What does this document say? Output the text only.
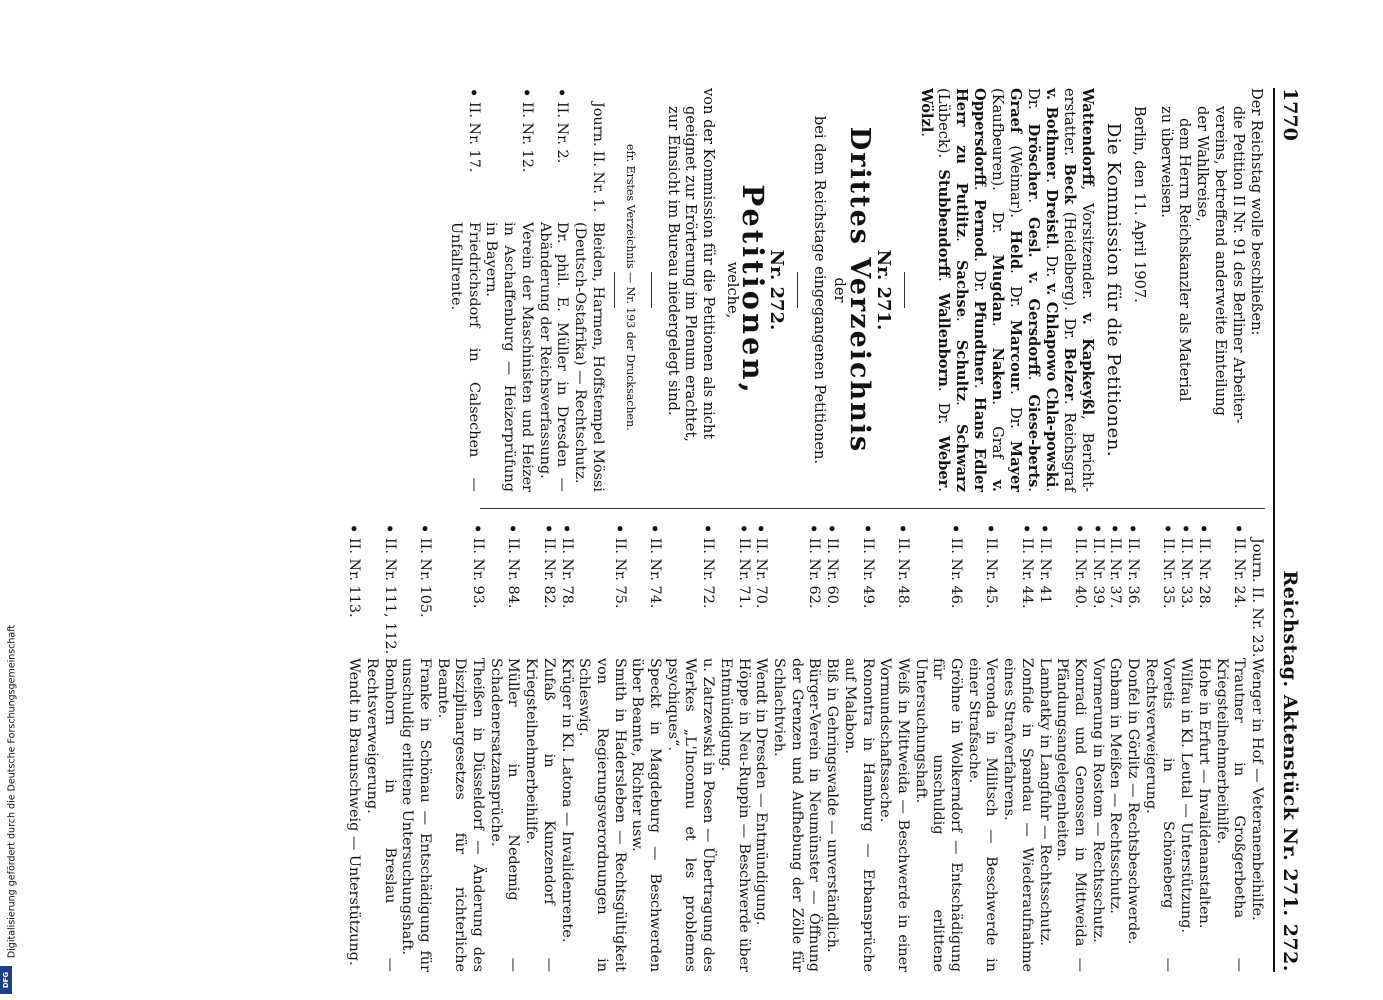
1770
Reichstag. Aktenstück Nr. 271. 272.

Der Reichstag wolle beschließen:

die Petition II Nr. 91 des Berliner Arbeiter-

vereins, betreffend anderweite Einteilung

der Wahlkreise,

dem Herrn Reichskanzler als Material

zu überweisen.

Berlin, den 11. April 1907.

Die Kommission für die Petitionen.

Wattendorff, Vorsitzender. v. Kapkeyßl, Bericht-erstatter. Beck (Heidelberg). Dr. Belzer. Reichsgraf v. Bothmer. Dreistl. Dr. v. Chlapowo Chla-powski. Dr. Dröscher. Gesl. v. Gersdorff. Giese-berts. Graef (Weimar). Held. Dr. Marcour. Dr. Mayer (Kaufbeuren). Dr. Mugdan. Naken. Graf v. Oppersdorff. Pernod. Dr. Pfundtner. Hans Edler Herr zu Putlitz. Sachse. Schultz. Schwarz (Lübeck). Stubbendorff. Wallenborn. Dr. Weber. Wölzl.

Nr. 271.
Drittes Verzeichnis
der
bei dem Reichstage eingegangenen Petitionen.
Nr. 272.
Petitionen,
welche,
von der Kommission für die Petitionen als nicht
geeignet zur Erörterung im Plenum erachtet,
zur Einsicht im Bureau niedergelegt sind.
efr. Erstes Verzeichnis — Nr. 193 der Drucksachen.
Journ. II. Nr. 1.
Bleiden, Harmen, Hoffstempel Mössi (Deutsch-Ostafrika) — Rechtschutz.
•
II. Nr. 2.
Dr. phil. E. Müller in Dresden — Abänderung der Reichsverfassung.
•
II. Nr. 12.
Verein der Maschinisten und Heizer in Aschaffenburg — Heizerprüfung in Bayern.
•
II. Nr. 17.
Friedrichsdorf in Calsechen — Unfallrente.
Journ. II. Nr. 23.
Wenger in Hof — Veteranenbeihilfe.
•
II. Nr. 24.
Trautner in Großgerbetha — Kriegsteilnehmerbeihilfe.
•
II. Nr. 28.
Hohe in Erfurt — Invalidenanstalten.
•
II. Nr. 33.
Wilfau in Kl. Leutal — Unterstützung.
•
II. Nr. 35.
Voretis in Schöneberg — Rechtsverweigerung.
•
II. Nr. 36.
Donfel in Görlitz — Rechtsbeschwerde.
•
II. Nr. 37.
Gnbam in Meißen — Rechtsschutz.
•
II. Nr. 39.
Vormerung in Rostom — Rechtsschutz.
•
II. Nr. 40.
Konradi und Genossen in Mittweida — Pfändungsangelegenheiten.
•
II. Nr. 41
Lambatky in Langfuhr — Rechtsschutz.
•
II. Nr. 44.
Zonfide in Spandau — Wiederaufnahme eines Strafverfahrens.
•
II. Nr. 45.
Veronda in Militsch — Beschwerde in einer Strafsache.
•
II. Nr. 46.
Gröhne in Wolkerndorf — Entschädigung für unschuldig erlittene Untersuchungshaft.
•
II. Nr. 48.
Weiß in Mittweida — Beschwerde in einer Vormundschaftssache.
•
II. Nr. 49.
Ronontra in Hamburg — Erbansprüche auf Malabon.
•
II. Nr. 60.
Biß in Gehringswalde — unverständlich.
•
II. Nr. 62.
Bürger-Verein in Neumünster — Öffnung der Grenzen und Aufhebung der Zölle für Schlachtvieh.
•
II. Nr. 70.
Wendt in Dresden — Entmündigung.
•
II. Nr. 71.
Höppe in Neu-Ruppin — Beschwerde über Entmündigung.
•
II. Nr. 72.
u. Zatrzewski in Posen — Übertragung des Werkes „L'Inconnu et les problemes psychiques“.
•
II. Nr. 74.
Speckt in Magdeburg — Beschwerden über Beamte, Richter usw.
•
II. Nr. 75.
Smith in Hadersleben — Rechtsgültigkeit von Regierungsverordnungen in Schleswig.
•
II. Nr. 78.
Krüger in Kl. Latona — Invalidenrente.
•
II. Nr. 82.
Zufaß in Kunzendorf — Kriegsteilnehmerbeihilfe.
•
II. Nr. 84.
Müller in Nedemig — Schadenersatzansprüche.
•
II. Nr. 93.
Theißen in Düsseldorf — Änderung des Disziplinargesetzes für richterliche Beamte.
•
II. Nr. 105.
Franke in Schönau — Entschädigung für unschuldig erlittene Untersuchungshaft.
•
II. Nr. 111, 112.
Bomhorn in Breslau — Rechtsverweigerung.
•
II. Nr. 113.
Wendt in Braunschweig — Unterstützung.
Digitalisierung gefördert durch die Deutsche Forschungsgemeinschaft
DFG
